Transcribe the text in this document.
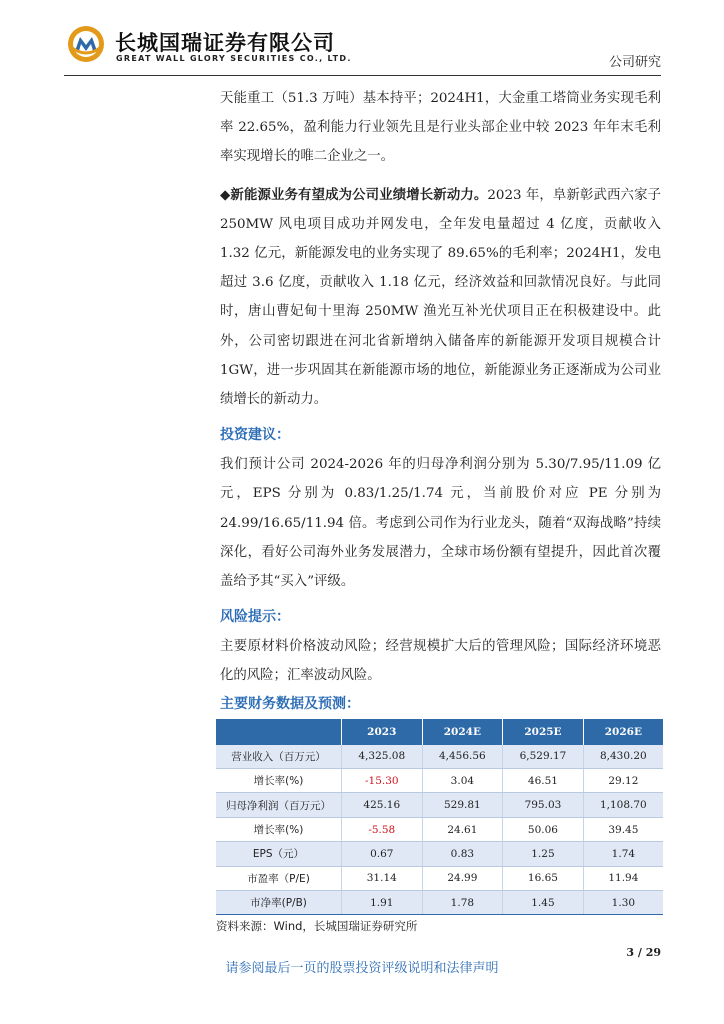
长城国瑞证券有限公司
GREAT WALL GLORY SECURITIES CO., LTD.	公司研究

天能重工（51.3 万吨）基本持平；2024H1，大金重工塔筒业务实现毛利率 22.65%，盈利能力行业领先且是行业头部企业中较 2023 年年末毛利率实现增长的唯二企业之一。

◆新能源业务有望成为公司业绩增长新动力。2023 年，阜新彰武西六家子 250MW 风电项目成功并网发电，全年发电量超过 4 亿度，贡献收入 1.32 亿元，新能源发电的业务实现了 89.65%的毛利率；2024H1，发电超过 3.6 亿度，贡献收入 1.18 亿元，经济效益和回款情况良好。与此同时，唐山曹妃甸十里海 250MW 渔光互补光伏项目正在积极建设中。此外，公司密切跟进在河北省新增纳入储备库的新能源开发项目规模合计 1GW，进一步巩固其在新能源市场的地位，新能源业务正逐渐成为公司业绩增长的新动力。

投资建议：

我们预计公司 2024-2026 年的归母净利润分别为 5.30/7.95/11.09 亿元，EPS 分别为 0.83/1.25/1.74 元，当前股价对应 PE 分别为 24.99/16.65/11.94 倍。考虑到公司作为行业龙头，随着“双海战略”持续深化，看好公司海外业务发展潜力，全球市场份额有望提升，因此首次覆盖给予其“买入”评级。

风险提示：

主要原材料价格波动风险；经营规模扩大后的管理风险；国际经济环境恶化的风险；汇率波动风险。

主要财务数据及预测：
	2023	2024E	2025E	2026E
营业收入（百万元）	4,325.08	4,456.56	6,529.17	8,430.20
增长率(%)	-15.30	3.04	46.51	29.12
归母净利润（百万元）	425.16	529.81	795.03	1,108.70
增长率(%)	-5.58	24.61	50.06	39.45
EPS（元）	0.67	0.83	1.25	1.74
市盈率（P/E)	31.14	24.99	16.65	11.94
市净率(P/B)	1.91	1.78	1.45	1.30
资料来源：Wind，长城国瑞证券研究所
3 / 29
请参阅最后一页的股票投资评级说明和法律声明
